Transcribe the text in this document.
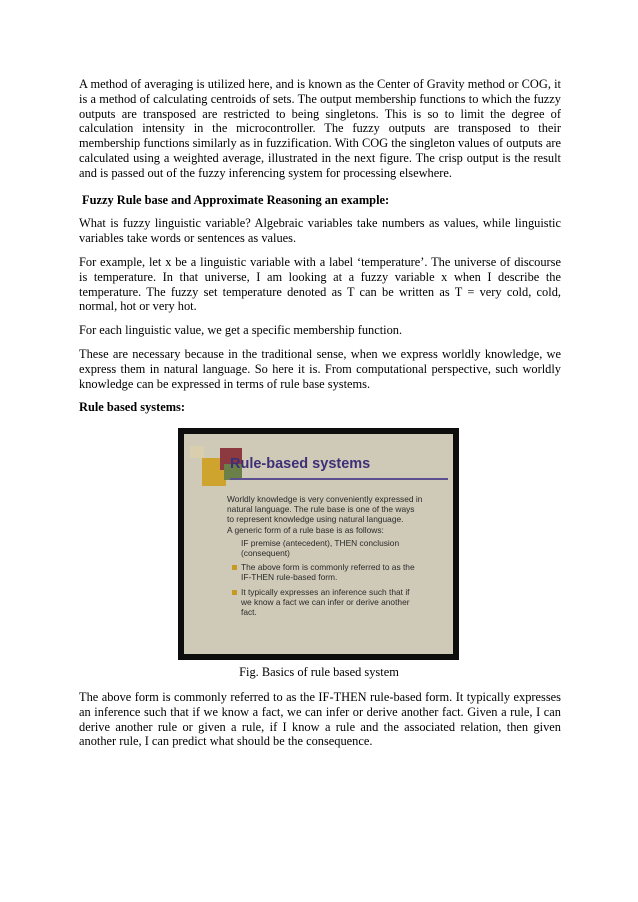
A method of averaging is utilized here, and is known as the Center of Gravity method or COG, it is a method of calculating centroids of sets. The output membership functions to which the fuzzy outputs are transposed are restricted to being singletons. This is so to limit the degree of calculation intensity in the microcontroller. The fuzzy outputs are transposed to their membership functions similarly as in fuzzification. With COG the singleton values of outputs are calculated using a weighted average, illustrated in the next figure. The crisp output is the result and is passed out of the fuzzy inferencing system for processing elsewhere.

Fuzzy Rule base and Approximate Reasoning an example:

What is fuzzy linguistic variable? Algebraic variables take numbers as values, while linguistic variables take words or sentences as values.

For example, let x be a linguistic variable with a label ‘temperature’. The universe of discourse is temperature. In that universe, I am looking at a fuzzy variable x when I describe the temperature. The fuzzy set temperature denoted as T can be written as T = very cold, cold, normal, hot or very hot.

For each linguistic value, we get a specific membership function.

These are necessary because in the traditional sense, when we express worldly knowledge, we express them in natural language. So here it is. From computational perspective, such worldly knowledge can be expressed in terms of rule base systems.

Rule based systems:

Rule-based systems
Worldly knowledge is very conveniently expressed in
natural language. The rule base is one of the ways
to represent knowledge using natural language.
A generic form of a rule base is as follows:
IF premise (antecedent), THEN conclusion
(consequent)
The above form is commonly referred to as the
IF-THEN rule-based form.
It typically expresses an inference such that if
we know a fact we can infer or derive another
fact.
Fig. Basics of rule based system

The above form is commonly referred to as the IF-THEN rule-based form. It typically expresses an inference such that if we know a fact, we can infer or derive another fact. Given a rule, I can derive another rule or given a rule, if I know a rule and the associated relation, then given another rule, I can predict what should be the consequence.
